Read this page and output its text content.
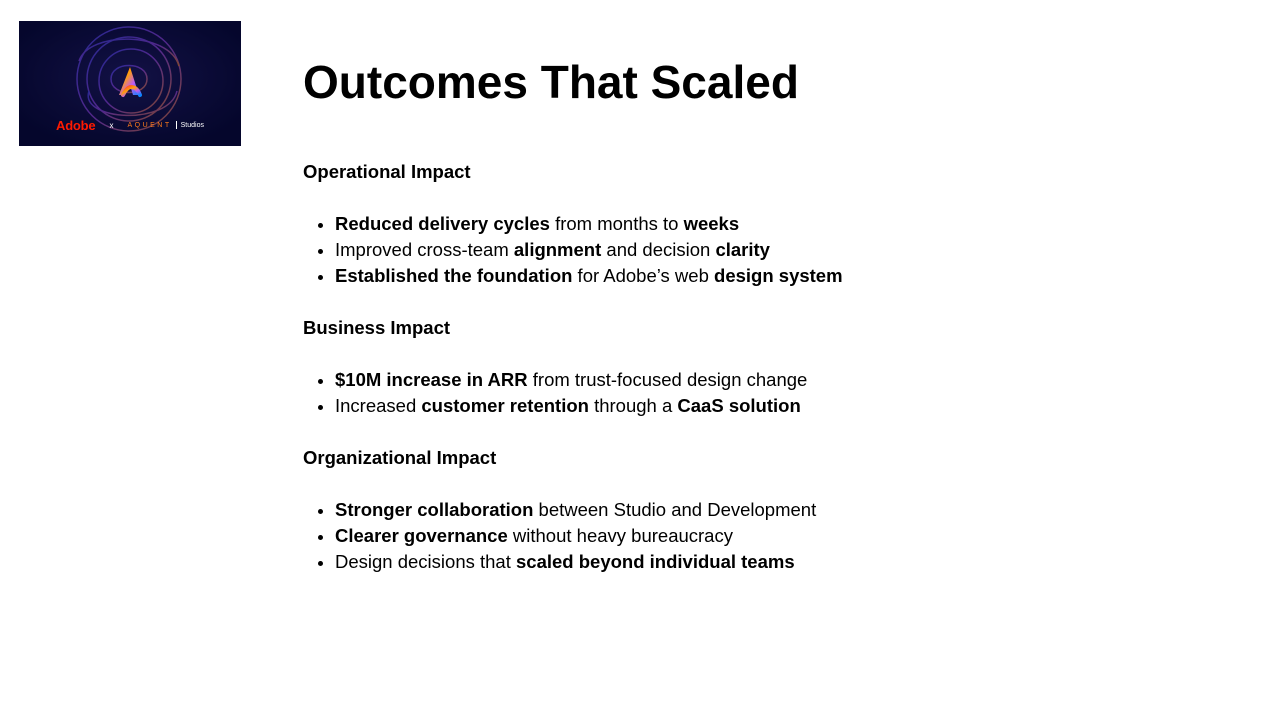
Adobe x AQUENT Studios
Outcomes That Scaled

Operational Impact

Reduced delivery cycles from months to weeks
Improved cross-team alignment and decision clarity
Established the foundation for Adobe’s web design system

Business Impact

$10M increase in ARR from trust-focused design change
Increased customer retention through a CaaS solution

Organizational Impact

Stronger collaboration between Studio and Development
Clearer governance without heavy bureaucracy
Design decisions that scaled beyond individual teams
